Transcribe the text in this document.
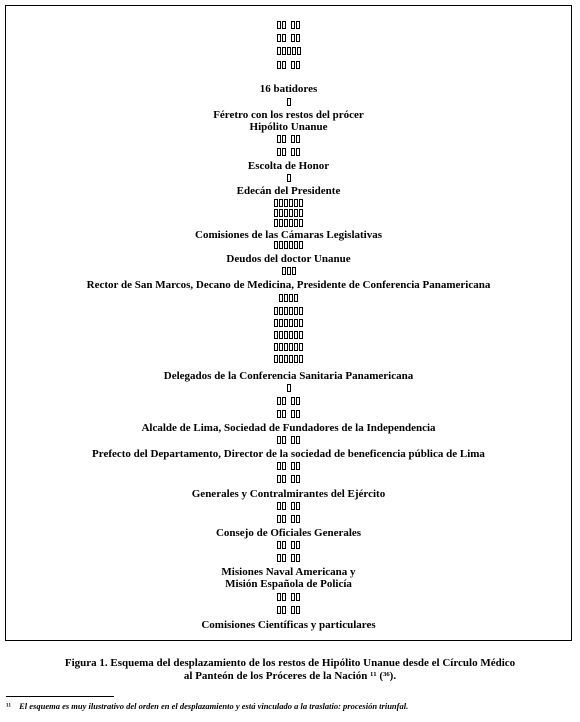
16 batidores
Féretro con los restos del prócer
Hipólito Unanue
Escolta de Honor
Edecán del Presidente
Comisiones de las Cámaras Legislativas
Deudos del doctor Unanue
Rector de San Marcos, Decano de Medicina, Presidente de Conferencia Panamericana
Delegados de la Conferencia Sanitaria Panamericana
Alcalde de Lima, Sociedad de Fundadores de la Independencia
Prefecto del Departamento, Director de la sociedad de beneficencia pública de Lima
Generales y Contralmirantes del Ejército
Consejo de Oficiales Generales
Misiones Naval Americana y
Misión Española de Policía
Comisiones Científicas y particulares
Figura 1. Esquema del desplazamiento de los restos de Hipólito Unanue desde el Círculo Médico
al Panteón de los Próceres de la Nación ¹¹ (³⁶).
¹¹ El esquema es muy ilustrativo del orden en el desplazamiento y está vinculado a la traslatio: procesión triunfal.
